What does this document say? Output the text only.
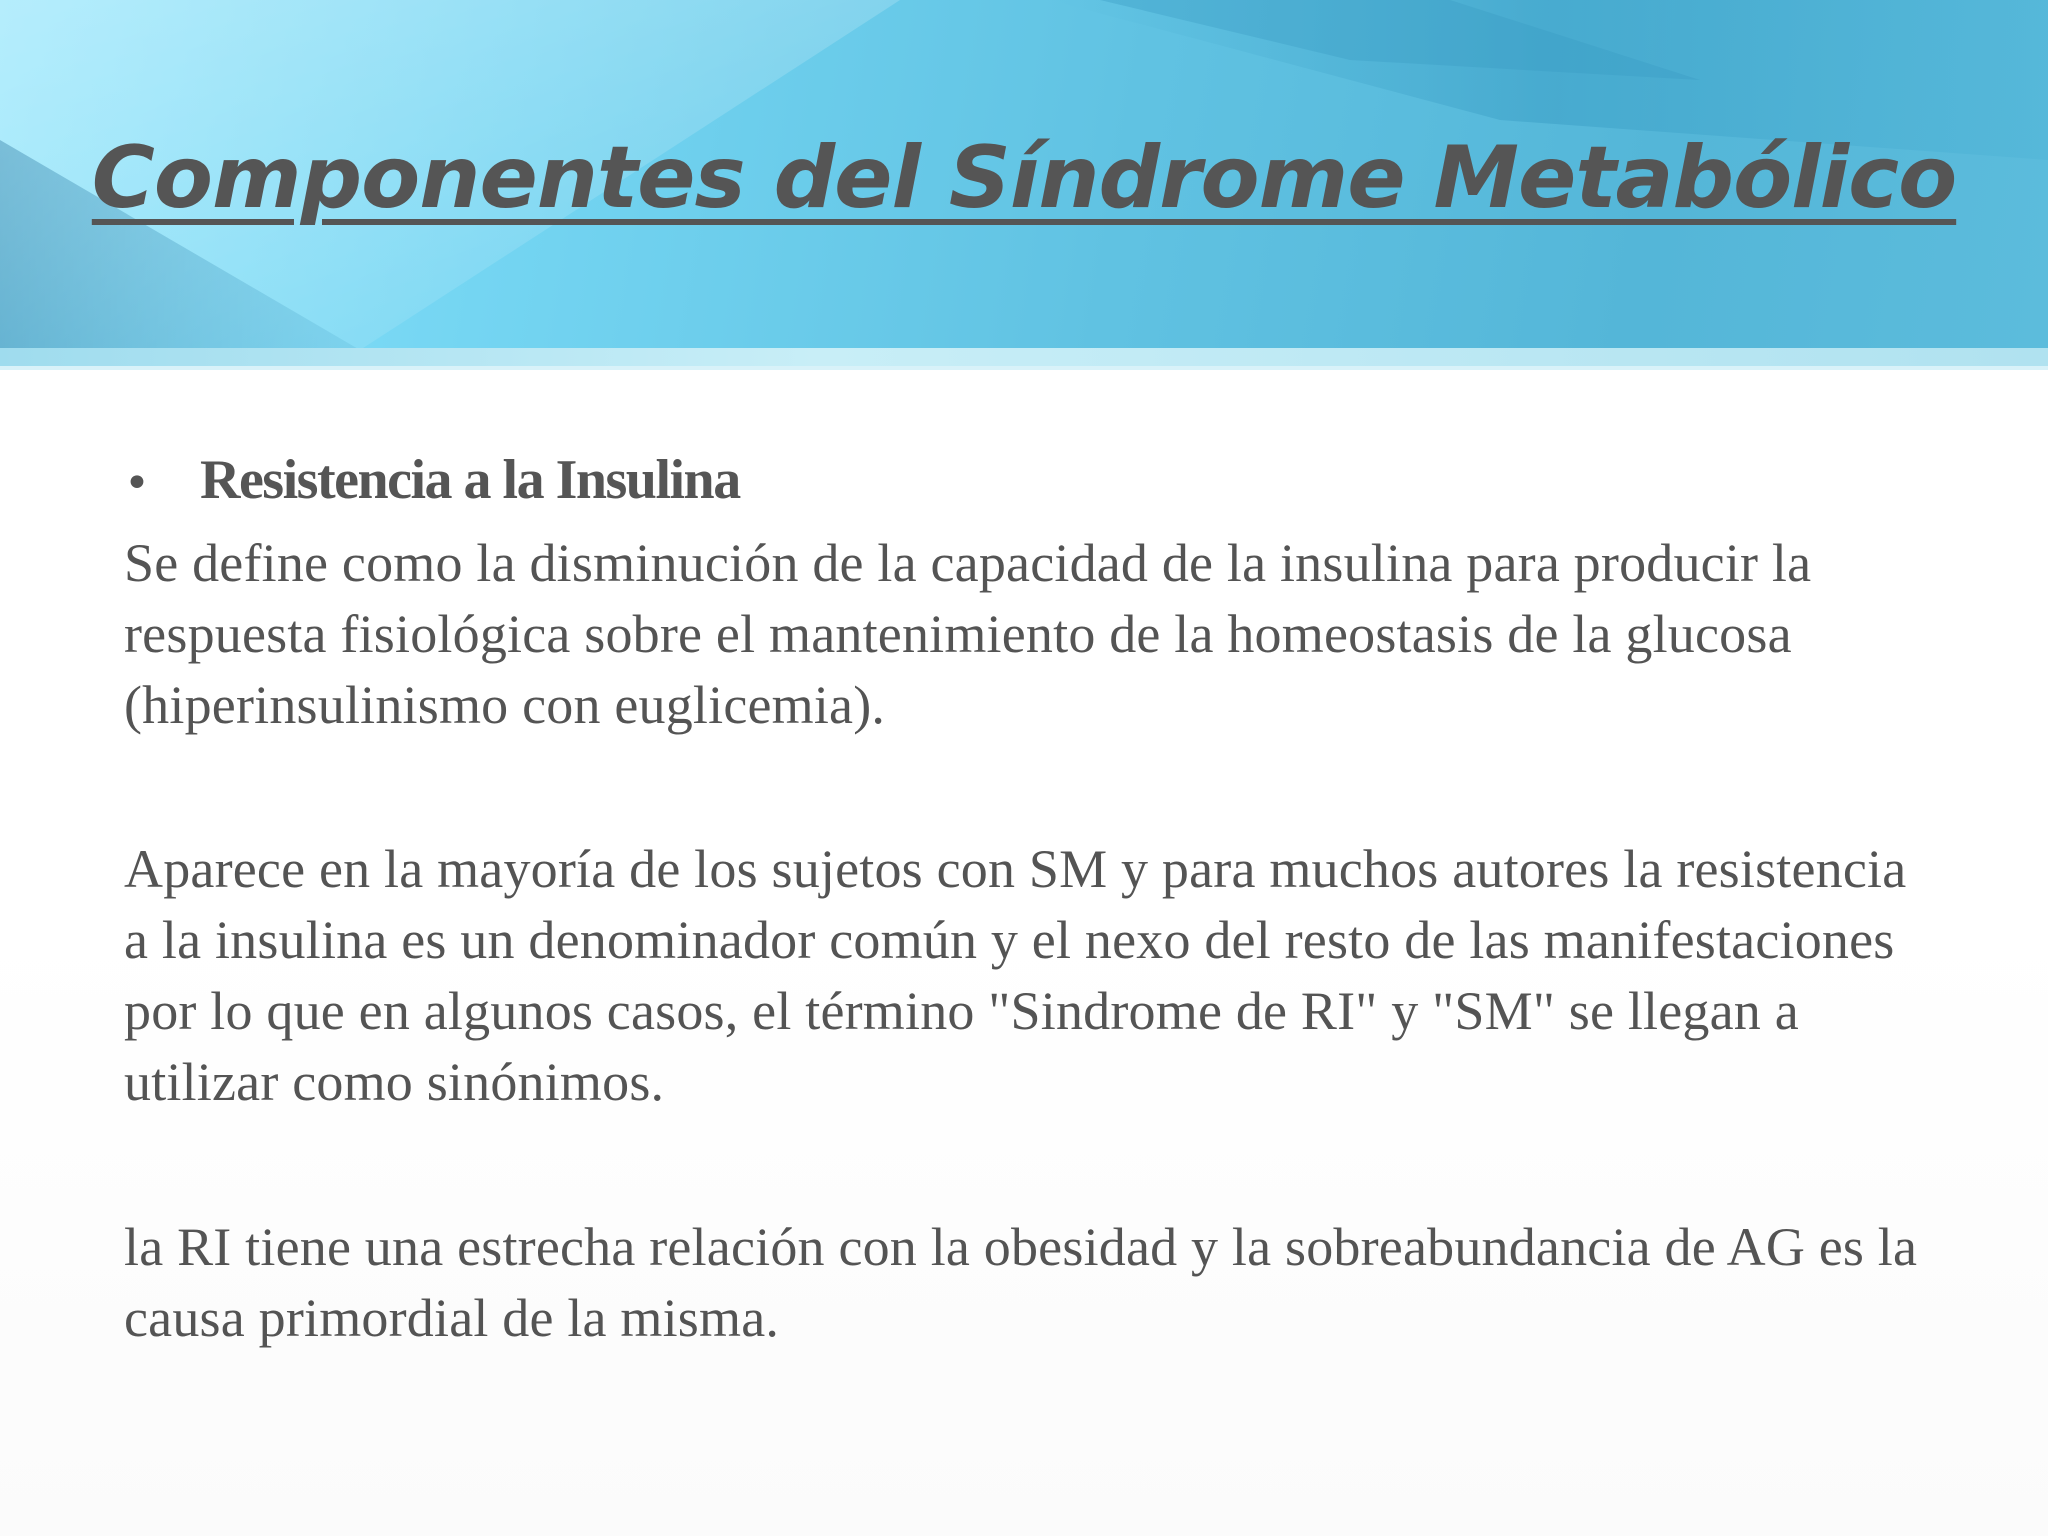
Componentes del Síndrome Metabólico
• Resistencia a la Insulina

Se define como la disminución de la capacidad de la insulina para producir la respuesta fisiológica sobre el mantenimiento de la homeostasis de la glucosa (hiperinsulinismo con euglicemia).

Aparece en la mayoría de los sujetos con SM y para muchos autores la resistencia a la insulina es un denominador común y el nexo del resto de las manifestaciones por lo que en algunos casos, el término "Sindrome de RI" y "SM" se llegan a utilizar como sinónimos.

la RI tiene una estrecha relación con la obesidad y la sobreabundancia de AG es la causa primordial de la misma.
